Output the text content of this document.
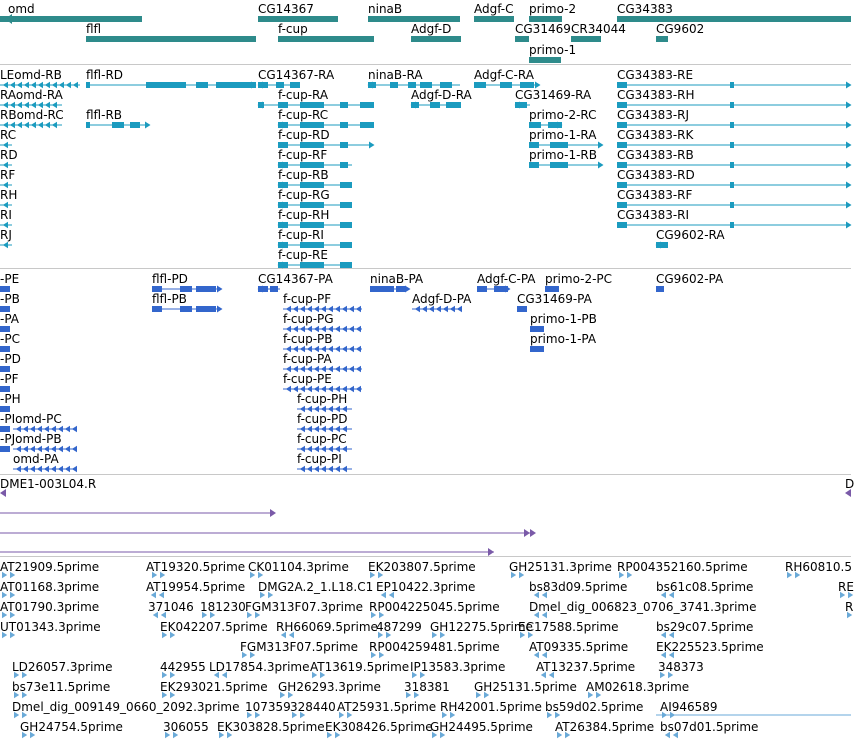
omd	CG14367	ninaB	Adgf-C primo-2	CG34383
flfl	f-cup	Adgf-D	CG31469 CR34044	CG9602
primo-1
LEomd-RB flfl-RD	CG14367-RA	ninaB-RA	Adgf-C-RA	CG34383-RE
RAomd-RA	f-cup-RA	Adgf-D-RA	CG31469-RA CG34383-RH
RBomd-RC flfl-RB	f-cup-RC	primo-2-RC CG34383-RJ
RC	f-cup-RD	primo-1-RA CG34383-RK
RD	f-cup-RF	primo-1-RB CG34383-RB
RF	f-cup-RB	CG34383-RD
RH	f-cup-RG	CG34383-RF
RI	f-cup-RH	CG34383-RI
RJ	f-cup-RI	CG9602-RA
f-cup-RE
-PE	flfl-PD	CG14367-PA	ninaB-PA	Adgf-C-PA primo-2-PC	CG9602-PA
-PB	flfl-PB	f-cup-PF	Adgf-D-PA	CG31469-PA
-PA	f-cup-PG	primo-1-PB
-PC	f-cup-PB	primo-1-PA
-PD	f-cup-PA
-PF	f-cup-PE
-PH	f-cup-PH
-PIomd-PC	f-cup-PD
-PJomd-PB	f-cup-PC
omd-PA	f-cup-PI
DME1-003L04.R	D
AT21909.5prime	AT19320.5prime CK01104.3prime EK203807.5prime	GH25131.3prime RP004352160.5prime	RH60810.5
AT01168.3prime	AT19954.5prime DMG2A.2_1.L18.C1 EP10422.3prime	bs83d09.5prime bs61c08.5prime	RE
AT01790.3prime	371046 181230 FGM313F07.3prime RP004225045.5prime Dmel_dig_006823_0706_3741.3prime	R
UT01343.3prime	EK042207.5prime RH66069.5prime
487299 GH12275.5prime
EC17588.5prime	bs29c07.5prime
FGM313F07.5prime RP004259481.5prime AT09335.5prime EK225523.5prime
LD26057.3prime	442955 LD17854.3prime AT13619.5prime IP13583.3prime	AT13237.5prime 348373
bs73e11.5prime	EK293021.5prime GH26293.3prime 318381 GH25131.5prime AM02618.3prime
Dmel_dig_009149_0660_2092.3prime 107359 328440 AT25931.5prime RH42001.5prime bs59d02.5prime AI946589
GH24754.5prime	306055 EK303828.5prime EK308426.5prime
GH24495.5prime AT26384.5prime bs07d01.5prime
